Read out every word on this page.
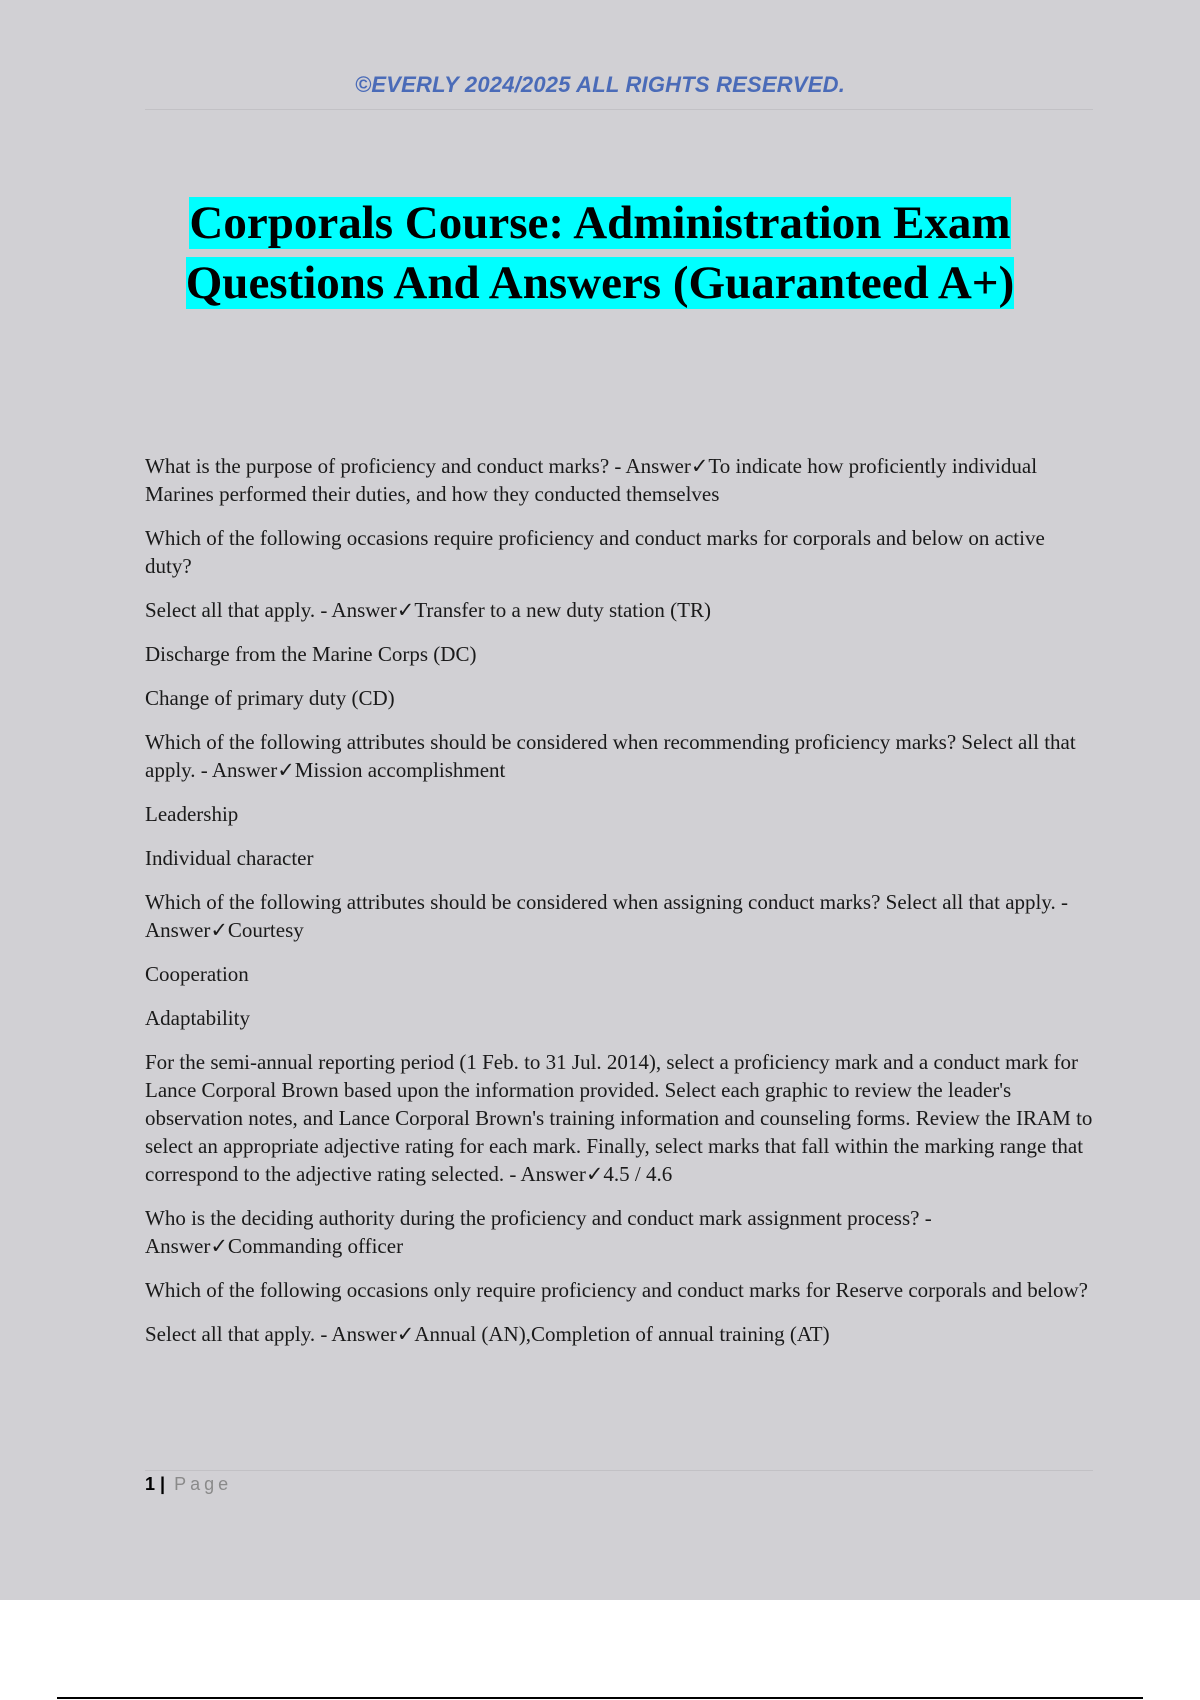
©EVERLY 2024/2025 ALL RIGHTS RESERVED.
Corporals Course: Administration Exam
Questions And Answers (Guaranteed A+)

What is the purpose of proficiency and conduct marks? - Answer✓To indicate how proficiently individual Marines performed their duties, and how they conducted themselves

Which of the following occasions require proficiency and conduct marks for corporals and below on active duty?

Select all that apply. - Answer✓Transfer to a new duty station (TR)

Discharge from the Marine Corps (DC)

Change of primary duty (CD)

Which of the following attributes should be considered when recommending proficiency marks? Select all that apply. - Answer✓Mission accomplishment

Leadership

Individual character

Which of the following attributes should be considered when assigning conduct marks? Select all that apply. - Answer✓Courtesy

Cooperation

Adaptability

For the semi-annual reporting period (1 Feb. to 31 Jul. 2014), select a proficiency mark and a conduct mark for Lance Corporal Brown based upon the information provided. Select each graphic to review the leader's observation notes, and Lance Corporal Brown's training information and counseling forms. Review the IRAM to select an appropriate adjective rating for each mark. Finally, select marks that fall within the marking range that correspond to the adjective rating selected. - Answer✓4.5 / 4.6

Who is the deciding authority during the proficiency and conduct mark assignment process? - Answer✓Commanding officer

Which of the following occasions only require proficiency and conduct marks for Reserve corporals and below?

Select all that apply. - Answer✓Annual (AN),Completion of annual training (AT)

1 | Page
